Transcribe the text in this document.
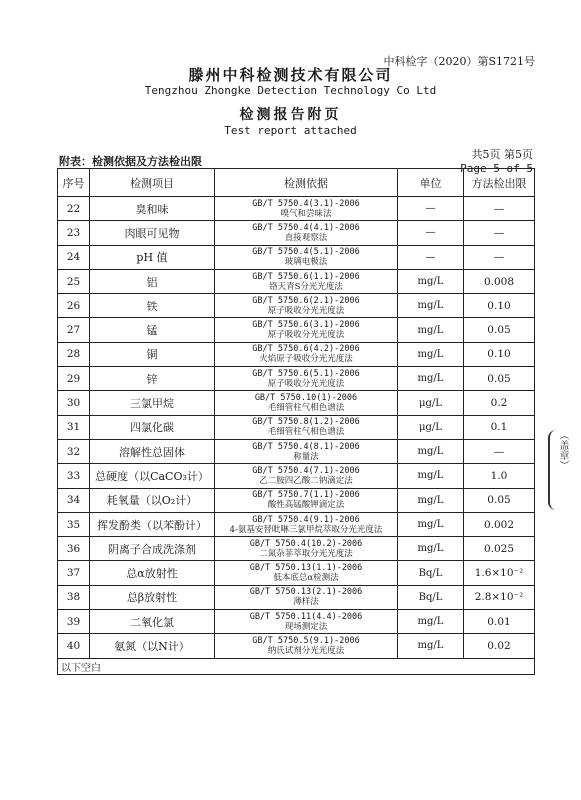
中科检字（2020）第S1721号
滕州中科检测技术有限公司
Tengzhou Zhongke Detection Technology Co Ltd
检测报告附页
Test report attached
附表：检测依据及方法检出限
共5页 第5页
Page 5 of 5
序号	检测项目	检测依据	单位	方法检出限
22	臭和味	GB/T 5750.4(3.1)-2006
嗅气和尝味法	—	—
23	肉眼可见物	GB/T 5750.4(4.1)-2006
直接观察法	—	—
24	pH 值	GB/T 5750.4(5.1)-2006
玻璃电极法	—	—
25	铝	GB/T 5750.6(1.1)-2006
铬天青S分光光度法	mg/L	0.008
26	铁	GB/T 5750.6(2.1)-2006
原子吸收分光光度法	mg/L	0.10
27	锰	GB/T 5750.6(3.1)-2006
原子吸收分光光度法	mg/L	0.05
28	铜	GB/T 5750.6(4.2)-2006
火焰原子吸收分光光度法	mg/L	0.10
29	锌	GB/T 5750.6(5.1)-2006
原子吸收分光光度法	mg/L	0.05
30	三氯甲烷	GB/T 5750.10(1)-2006
毛细管柱气相色谱法	μg/L	0.2
31	四氯化碳	GB/T 5750.8(1.2)-2006
毛细管柱气相色谱法	μg/L	0.1
32	溶解性总固体	GB/T 5750.4(8.1)-2006
称量法	mg/L	—
33	总硬度（以CaCO₃计）	GB/T 5750.4(7.1)-2006
乙二胺四乙酸二钠滴定法	mg/L	1.0
34	耗氧量（以O₂计）	GB/T 5750.7(1.1)-2006
酸性高锰酸钾滴定法	mg/L	0.05
35	挥发酚类（以苯酚计）	GB/T 5750.4(9.1)-2006
4-氨基安替吡啉三氯甲烷萃取分光光度法	mg/L	0.002
36	阴离子合成洗涤剂	GB/T 5750.4(10.2)-2006
二氮杂菲萃取分光光度法	mg/L	0.025
37	总α放射性	GB/T 5750.13(1.1)-2006
低本底总α检测法	Bq/L	1.6×10⁻²
38	总β放射性	GB/T 5750.13(2.1)-2006
薄样法	Bq/L	2.8×10⁻²
39	二氧化氯	GB/T 5750.11(4.4)-2006
现场测定法	mg/L	0.01
40	氨氮（以N计）	GB/T 5750.5(9.1)-2006
纳氏试剂分光光度法	mg/L	0.02
以下空白				
（盖章）
